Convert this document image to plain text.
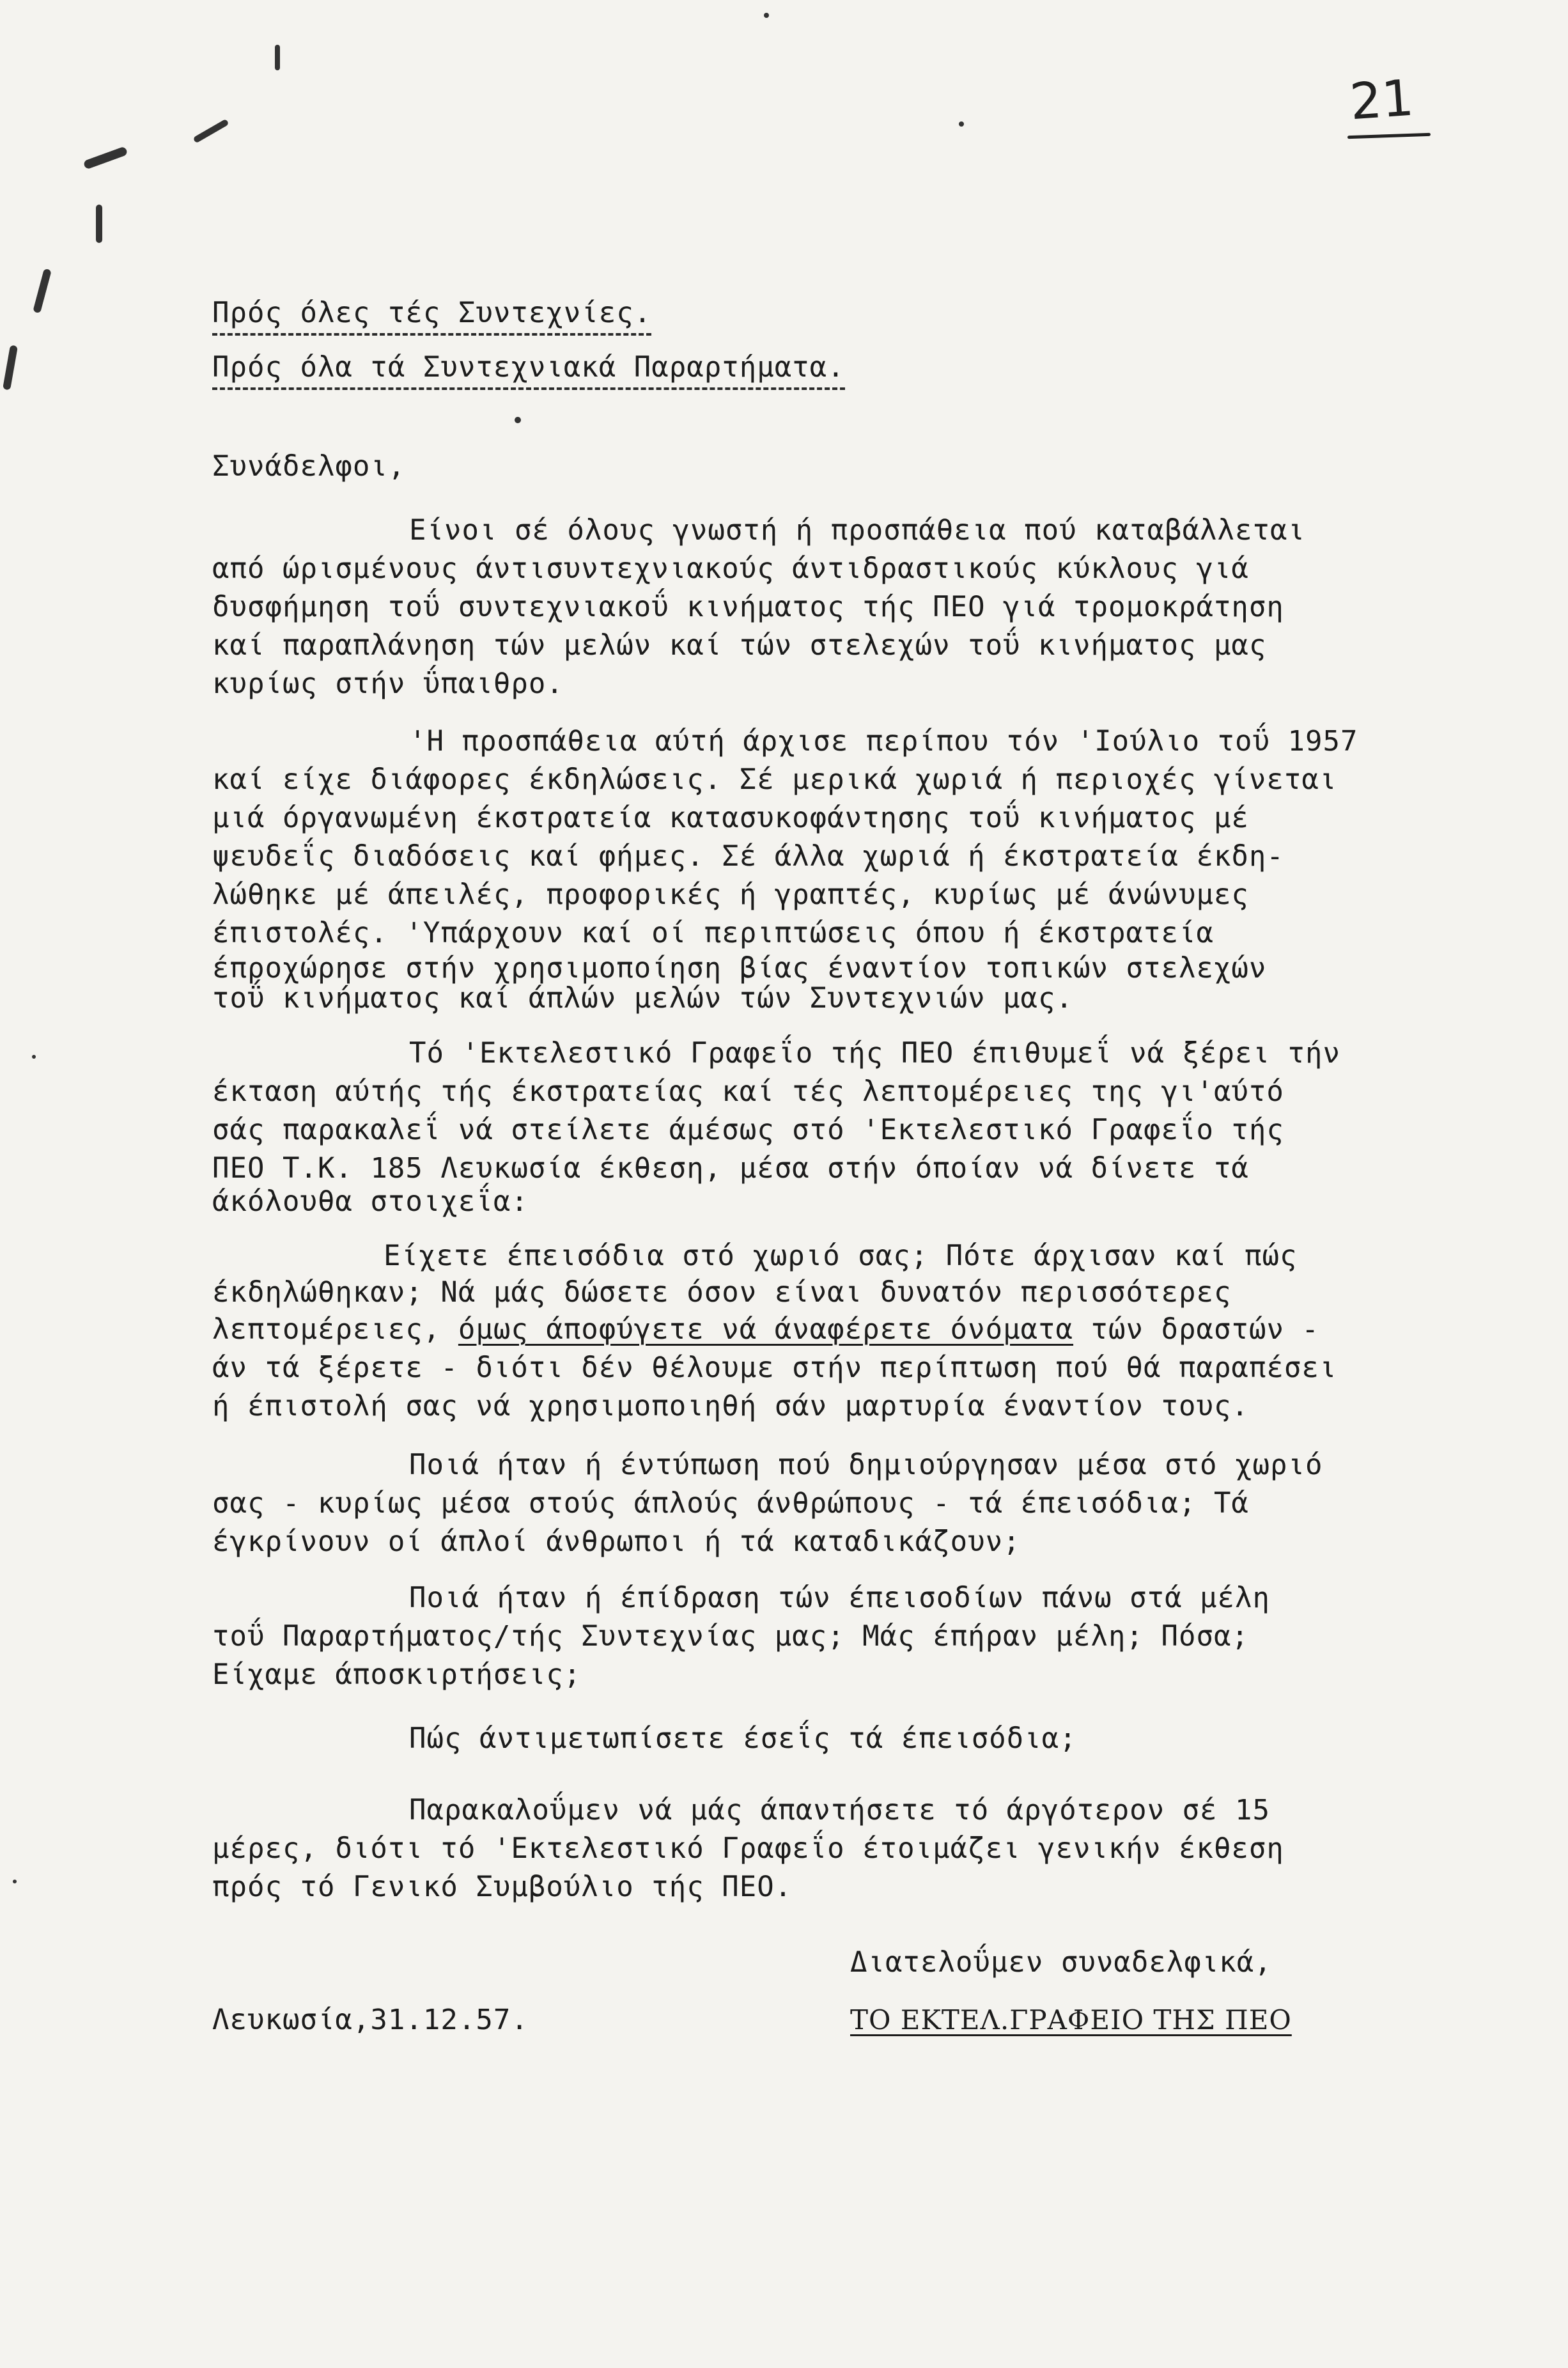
21
Πρός όλες τές Συντεχνίες.
Πρός όλα τά Συντεχνιακά Παραρτήματα.
Συνάδελφοι,
Είνοι σέ όλους γνωστή ή προσπάθεια πού καταβάλλεται
από ώρισμένους άντισυντεχνιακούς άντιδραστικούς κύκλους γιά
δυσφήμηση τοΰ συντεχνιακοΰ κινήματος τής ΠΕΟ γιά τρομοκράτηση
καί παραπλάνηση τών μελών καί τών στελεχών τοΰ κινήματος μας
κυρίως στήν ΰπαιθρο.
'Η προσπάθεια αύτή άρχισε περίπου τόν 'Ιούλιο τοΰ 1957
καί είχε διάφορες έκδηλώσεις. Σέ μερικά χωριά ή περιοχές γίνεται
μιά όργανωμένη έκστρατεία κατασυκοφάντησης τοΰ κινήματος μέ
ψευδεΐς διαδόσεις καί φήμες. Σέ άλλα χωριά ή έκστρατεία έκδη-
λώθηκε μέ άπειλές, προφορικές ή γραπτές, κυρίως μέ άνώνυμες
έπιστολές. 'Υπάρχουν καί οί περιπτώσεις όπου ή έκστρατεία
έπροχώρησε στήν χρησιμοποίηση βίας έναντίον τοπικών στελεχών
τοΰ κινήματος καί άπλών μελών τών Συντεχνιών μας.
Τό 'Εκτελεστικό Γραφεΐο τής ΠΕΟ έπιθυμεΐ νά ξέρει τήν
έκταση αύτής τής έκστρατείας καί τές λεπτομέρειες της γι'αύτό
σάς παρακαλεΐ νά στείλετε άμέσως στό 'Εκτελεστικό Γραφεΐο τής
ΠΕΟ Τ.Κ. 185 Λευκωσία έκθεση, μέσα στήν όποίαν νά δίνετε τά
άκόλουθα στοιχεΐα:
Είχετε έπεισόδια στό χωριό σας; Πότε άρχισαν καί πώς
έκδηλώθηκαν; Νά μάς δώσετε όσον είναι δυνατόν περισσότερες
λεπτομέρειες, όμως άποφύγετε νά άναφέρετε όνόματα τών δραστών -
άν τά ξέρετε - διότι δέν θέλουμε στήν περίπτωση πού θά παραπέσει
ή έπιστολή σας νά χρησιμοποιηθή σάν μαρτυρία έναντίον τους.
Ποιά ήταν ή έντύπωση πού δημιούργησαν μέσα στό χωριό
σας - κυρίως μέσα στούς άπλούς άνθρώπους - τά έπεισόδια; Τά
έγκρίνουν οί άπλοί άνθρωποι ή τά καταδικάζουν;
Ποιά ήταν ή έπίδραση τών έπεισοδίων πάνω στά μέλη
τοΰ Παραρτήματος/τής Συντεχνίας μας; Μάς έπήραν μέλη; Πόσα;
Είχαμε άποσκιρτήσεις;
Πώς άντιμετωπίσετε έσεΐς τά έπεισόδια;
Παρακαλοΰμεν νά μάς άπαντήσετε τό άργότερον σέ 15
μέρες, διότι τό 'Εκτελεστικό Γραφεΐο έτοιμάζει γενικήν έκθεση
πρός τό Γενικό Συμβούλιο τής ΠΕΟ.
Διατελοΰμεν συναδελφικά,
Λευκωσία,31.12.57.	ΤΟ ΕΚΤΕΛ.ΓΡΑΦΕΙΟ ΤΗΣ ΠΕΟ
